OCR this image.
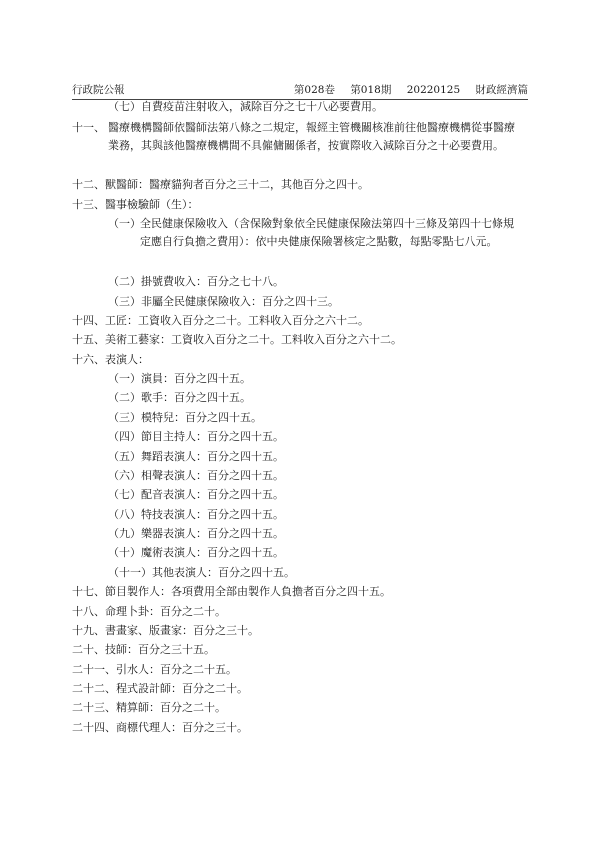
行政院公報	第028卷 第018期 20220125 財政經濟篇
（七）自費疫苗注射收入，減除百分之七十八必要費用。
十一、 醫療機構醫師依醫師法第八條之二規定，報經主管機關核准前往他醫療機構從事醫療業務，其與該他醫療機構間不具僱傭關係者，按實際收入減除百分之十必要費用。
十二、獸醫師：醫療貓狗者百分之三十二，其他百分之四十。
十三、醫事檢驗師（生）：
（一） 全民健康保險收入（含保險對象依全民健康保險法第四十三條及第四十七條規定應自行負擔之費用）：依中央健康保險署核定之點數，每點零點七八元。
（二）掛號費收入：百分之七十八。
（三）非屬全民健康保險收入：百分之四十三。
十四、工匠：工資收入百分之二十。工料收入百分之六十二。
十五、美術工藝家：工資收入百分之二十。工料收入百分之六十二。
十六、表演人：
（一）演員：百分之四十五。
（二）歌手：百分之四十五。
（三）模特兒：百分之四十五。
（四）節目主持人：百分之四十五。
（五）舞蹈表演人：百分之四十五。
（六）相聲表演人：百分之四十五。
（七）配音表演人：百分之四十五。
（八）特技表演人：百分之四十五。
（九）樂器表演人：百分之四十五。
（十）魔術表演人：百分之四十五。
（十一）其他表演人：百分之四十五。
十七、節目製作人：各項費用全部由製作人負擔者百分之四十五。
十八、命理卜卦：百分之二十。
十九、書畫家、版畫家：百分之三十。
二十、技師：百分之三十五。
二十一、引水人：百分之二十五。
二十二、程式設計師：百分之二十。
二十三、精算師：百分之二十。
二十四、商標代理人：百分之三十。
